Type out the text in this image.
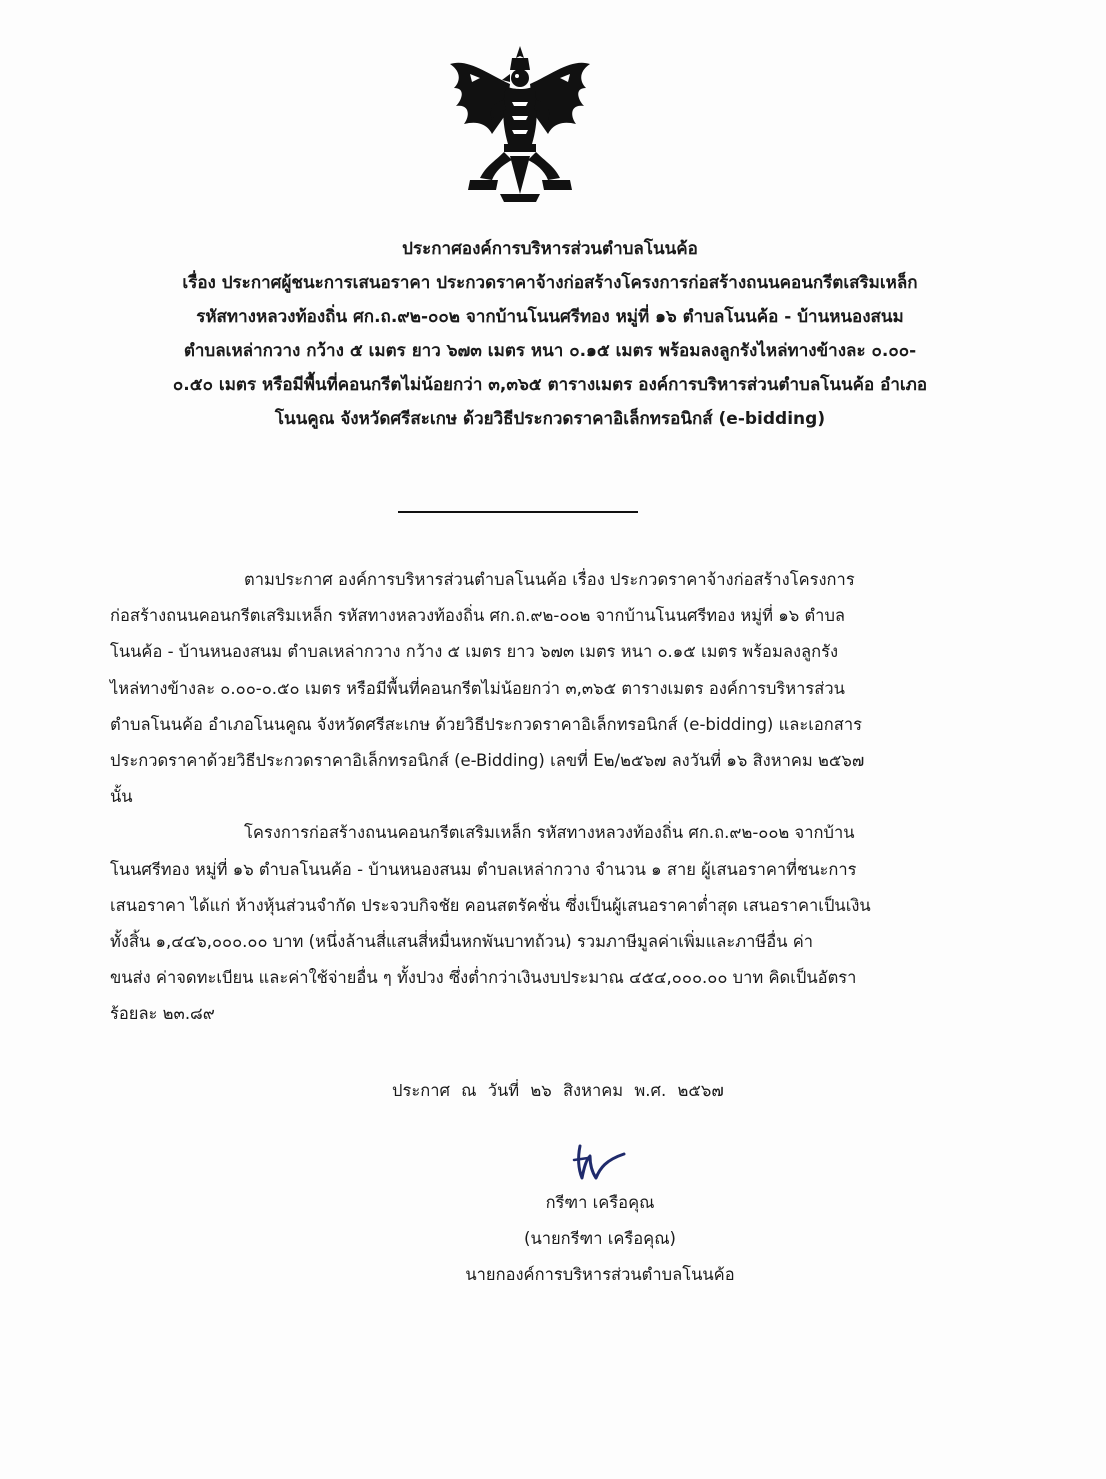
ประกาศองค์การบริหารส่วนตำบลโนนค้อ
เรื่อง ประกาศผู้ชนะการเสนอราคา ประกวดราคาจ้างก่อสร้างโครงการก่อสร้างถนนคอนกรีตเสริมเหล็ก
รหัสทางหลวงท้องถิ่น ศก.ถ.๙๒-๐๐๒ จากบ้านโนนศรีทอง หมู่ที่ ๑๖ ตำบลโนนค้อ - บ้านหนองสนม
ตำบลเหล่ากวาง กว้าง ๕ เมตร ยาว ๖๗๓ เมตร หนา ๐.๑๕ เมตร พร้อมลงลูกรังไหล่ทางข้างละ ๐.๐๐-
๐.๕๐ เมตร หรือมีพื้นที่คอนกรีตไม่น้อยกว่า ๓,๓๖๕ ตารางเมตร องค์การบริหารส่วนตำบลโนนค้อ อำเภอ
โนนคูณ จังหวัดศรีสะเกษ ด้วยวิธีประกวดราคาอิเล็กทรอนิกส์ (e-bidding)
ตามประกาศ องค์การบริหารส่วนตำบลโนนค้อ เรื่อง ประกวดราคาจ้างก่อสร้างโครงการ
ก่อสร้างถนนคอนกรีตเสริมเหล็ก รหัสทางหลวงท้องถิ่น ศก.ถ.๙๒-๐๐๒ จากบ้านโนนศรีทอง หมู่ที่ ๑๖ ตำบล
โนนค้อ - บ้านหนองสนม ตำบลเหล่ากวาง กว้าง ๕ เมตร ยาว ๖๗๓ เมตร หนา ๐.๑๕ เมตร พร้อมลงลูกรัง
ไหล่ทางข้างละ ๐.๐๐-๐.๕๐ เมตร หรือมีพื้นที่คอนกรีตไม่น้อยกว่า ๓,๓๖๕ ตารางเมตร องค์การบริหารส่วน
ตำบลโนนค้อ อำเภอโนนคูณ จังหวัดศรีสะเกษ ด้วยวิธีประกวดราคาอิเล็กทรอนิกส์ (e-bidding) และเอกสาร
ประกวดราคาด้วยวิธีประกวดราคาอิเล็กทรอนิกส์ (e-Bidding) เลขที่ E๒/๒๕๖๗ ลงวันที่ ๑๖ สิงหาคม ๒๕๖๗
นั้น
โครงการก่อสร้างถนนคอนกรีตเสริมเหล็ก รหัสทางหลวงท้องถิ่น ศก.ถ.๙๒-๐๐๒ จากบ้าน
โนนศรีทอง หมู่ที่ ๑๖ ตำบลโนนค้อ - บ้านหนองสนม ตำบลเหล่ากวาง จำนวน ๑ สาย ผู้เสนอราคาที่ชนะการ
เสนอราคา ได้แก่ ห้างหุ้นส่วนจำกัด ประจวบกิจชัย คอนสตรัคชั่น ซึ่งเป็นผู้เสนอราคาต่ำสุด เสนอราคาเป็นเงิน
ทั้งสิ้น ๑,๔๔๖,๐๐๐.๐๐ บาท (หนึ่งล้านสี่แสนสี่หมื่นหกพันบาทถ้วน) รวมภาษีมูลค่าเพิ่มและภาษีอื่น ค่า
ขนส่ง ค่าจดทะเบียน และค่าใช้จ่ายอื่น ๆ ทั้งปวง ซึ่งต่ำกว่าเงินงบประมาณ ๔๕๔,๐๐๐.๐๐ บาท คิดเป็นอัตรา
ร้อยละ ๒๓.๘๙
ประกาศ ณ วันที่ ๒๖ สิงหาคม พ.ศ. ๒๕๖๗
กรีฑา เครือคุณ
(นายกรีฑา เครือคุณ)
นายกองค์การบริหารส่วนตำบลโนนค้อ
